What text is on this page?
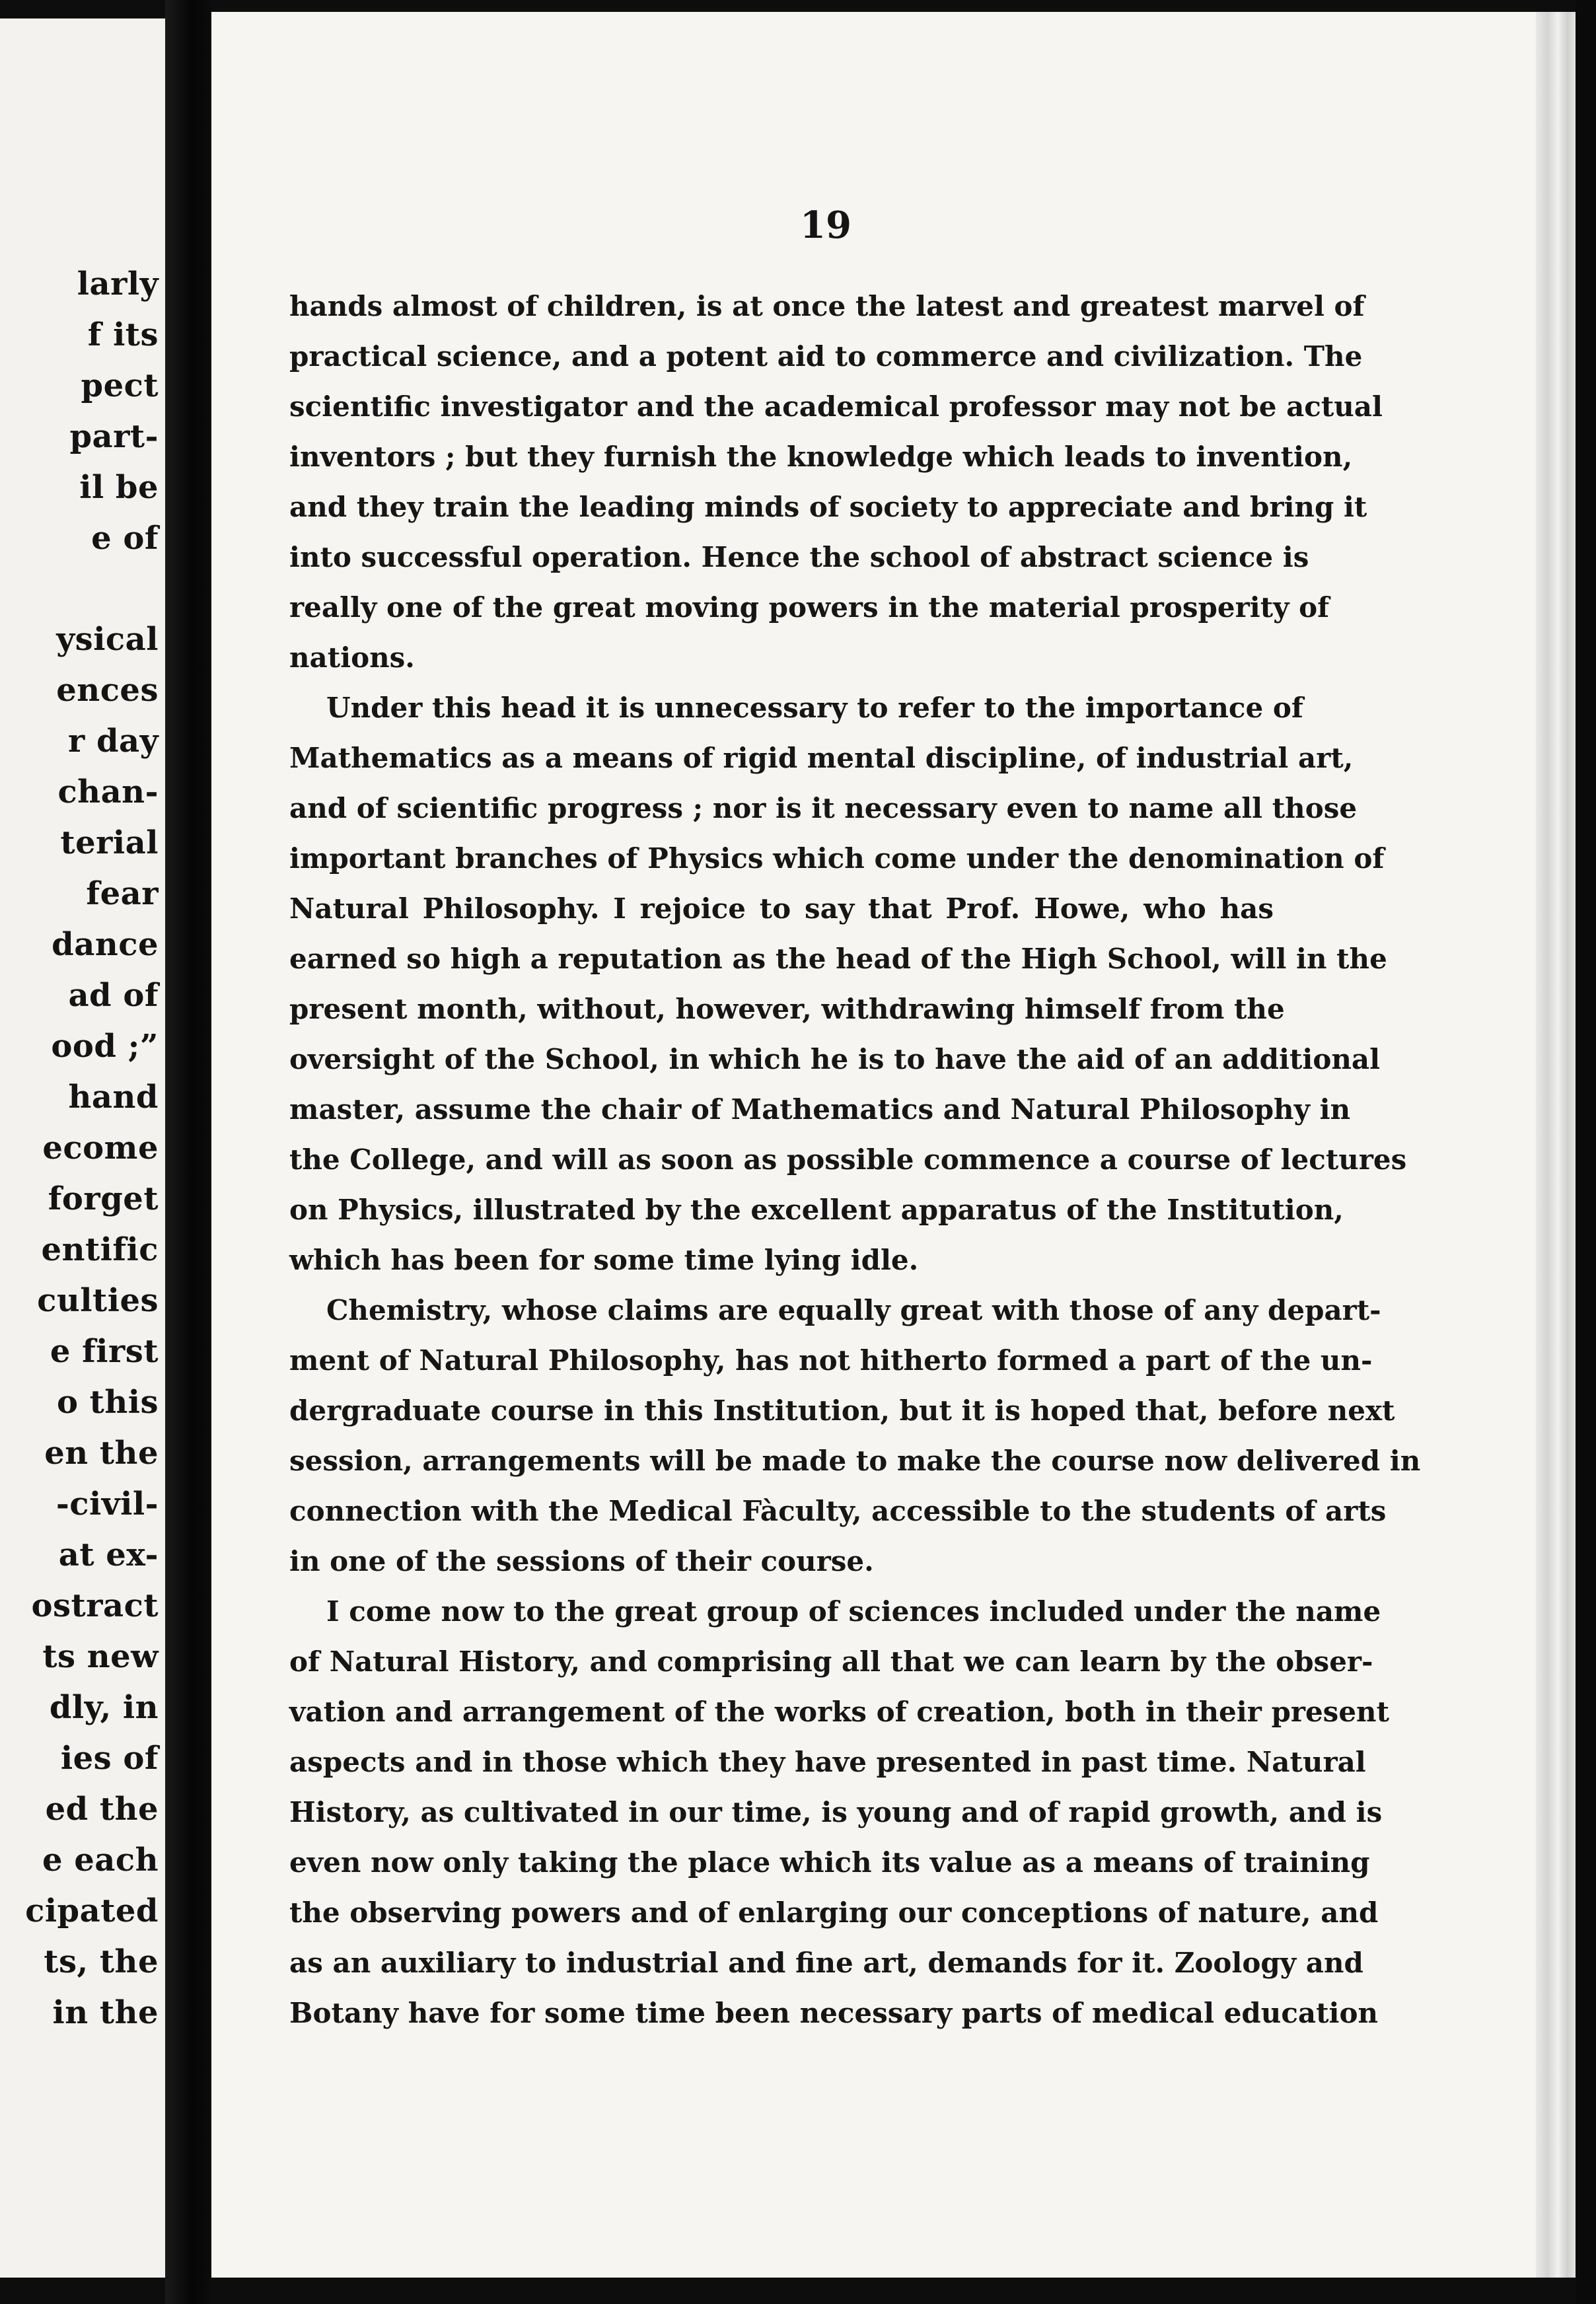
larly
f its
pect
part-
il be
e of
ysical
ences
r day
chan-
terial
fear
dance
ad of
ood ;”
hand
ecome
forget
entific
culties
e first
o this
en the
-civil-
at ex-
ostract
ts new
dly, in
ies of
ed the
e each
cipated
ts, the
in the
19
hands almost of children, is at once the latest and greatest marvel of
practical science, and a potent aid to commerce and civilization. The
scientific investigator and the academical professor may not be actual
inventors ; but they furnish the knowledge which leads to invention,
and they train the leading minds of society to appreciate and bring it
into successful operation. Hence the school of abstract science is
really one of the great moving powers in the material prosperity of
nations.
Under this head it is unnecessary to refer to the importance of
Mathematics as a means of rigid mental discipline, of industrial art,
and of scientific progress ; nor is it necessary even to name all those
important branches of Physics which come under the denomination of
Natural Philosophy. I rejoice to say that Prof. Howe, who has
earned so high a reputation as the head of the High School, will in the
present month, without, however, withdrawing himself from the
oversight of the School, in which he is to have the aid of an additional
master, assume the chair of Mathematics and Natural Philosophy in
the College, and will as soon as possible commence a course of lectures
on Physics, illustrated by the excellent apparatus of the Institution,
which has been for some time lying idle.
Chemistry, whose claims are equally great with those of any depart-
ment of Natural Philosophy, has not hitherto formed a part of the un-
dergraduate course in this Institution, but it is hoped that, before next
session, arrangements will be made to make the course now delivered in
connection with the Medical Fàculty, accessible to the students of arts
in one of the sessions of their course.
I come now to the great group of sciences included under the name
of Natural History, and comprising all that we can learn by the obser-
vation and arrangement of the works of creation, both in their present
aspects and in those which they have presented in past time. Natural
History, as cultivated in our time, is young and of rapid growth, and is
even now only taking the place which its value as a means of training
the observing powers and of enlarging our conceptions of nature, and
as an auxiliary to industrial and fine art, demands for it. Zoology and
Botany have for some time been necessary parts of medical education
